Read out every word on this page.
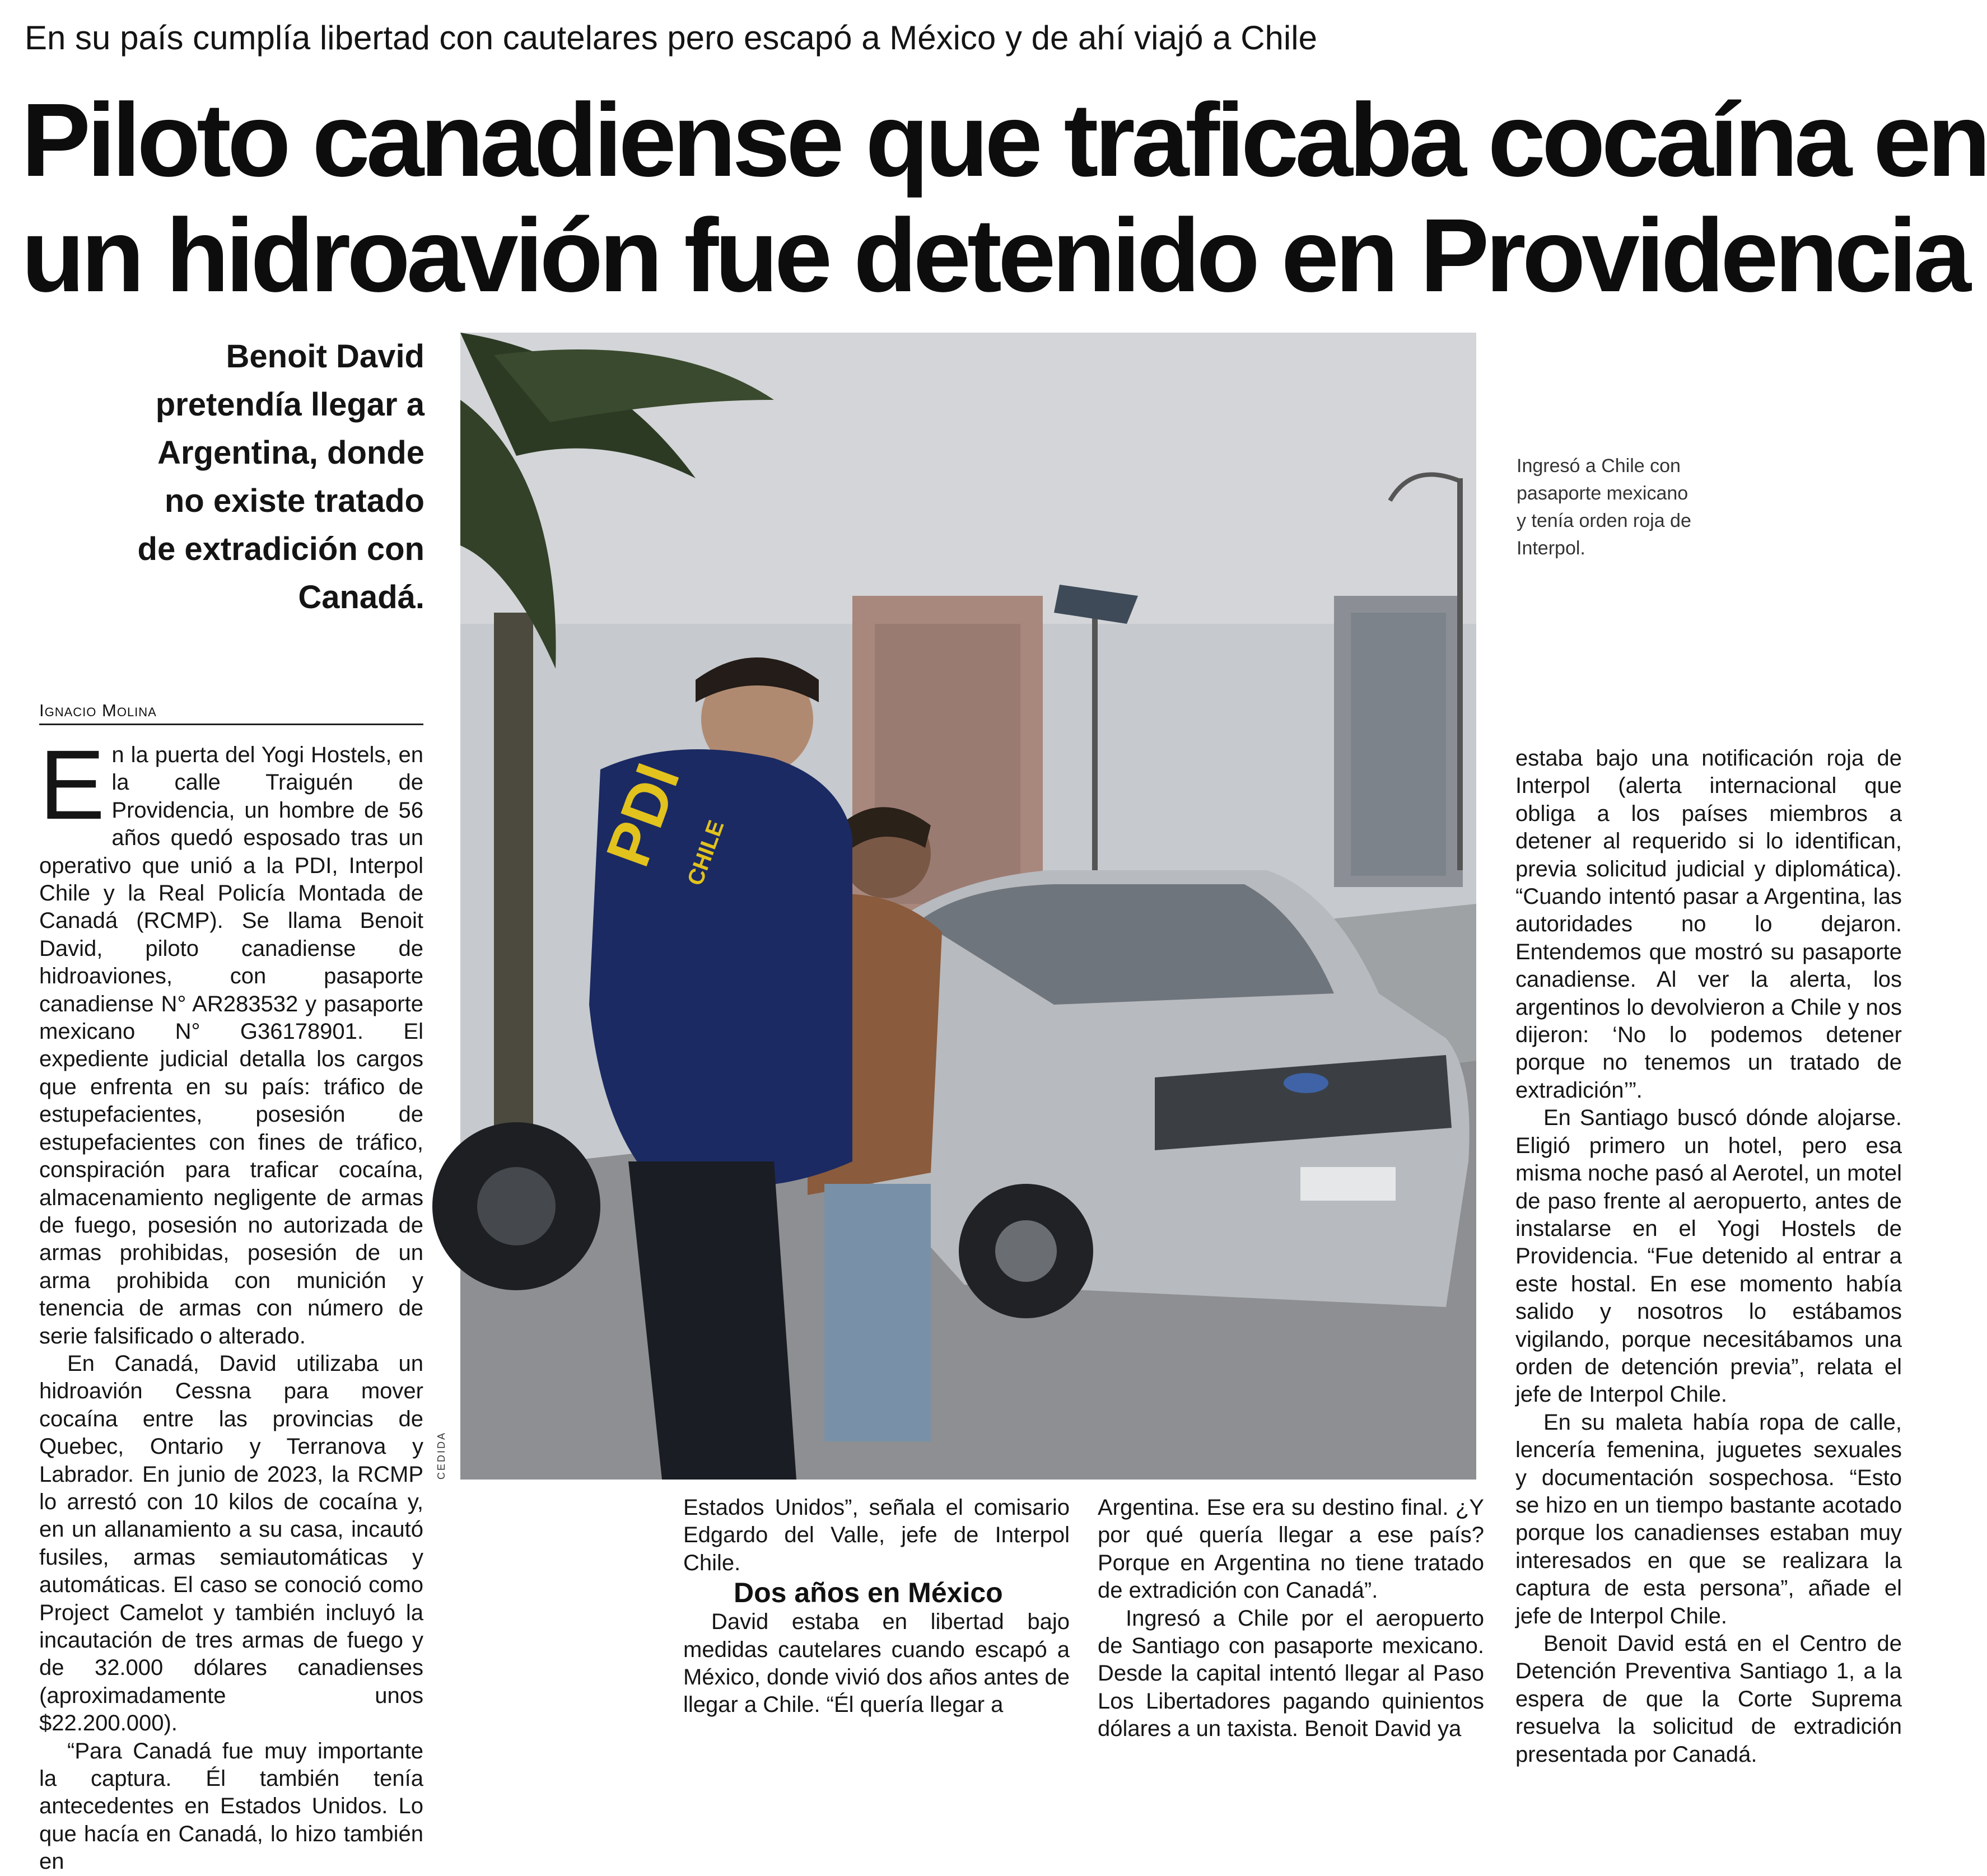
En su país cumplía libertad con cautelares pero escapó a México y de ahí viajó a Chile
Piloto canadiense que traficaba cocaína en
un hidroavión fue detenido en Providencia
Benoit David
pretendía llegar a
Argentina, donde
no existe tratado
de extradición con
Canadá.
Ignacio Molina

En la puerta del Yogi Hostels, en la calle Traiguén de Providencia, un hombre de 56 años quedó esposado tras un operativo que unió a la PDI, Interpol Chile y la Real Policía Montada de Canadá (RCMP). Se llama Benoit David, piloto canadiense de hidroaviones, con pasaporte canadiense N° AR283532 y pasaporte mexicano N° G36178901. El expediente judicial detalla los cargos que enfrenta en su país: tráfico de estupefacientes, posesión de estupefacientes con fines de tráfico, conspiración para traficar cocaína, almacenamiento negligente de armas de fuego, posesión no autorizada de armas prohibidas, posesión de un arma prohibida con munición y tenencia de armas con número de serie falsificado o alterado.

En Canadá, David utilizaba un hidroavión Cessna para mover cocaína entre las provincias de Quebec, Ontario y Terranova y Labrador. En junio de 2023, la RCMP lo arrestó con 10 kilos de cocaína y, en un allanamiento a su casa, incautó fusiles, armas semiautomáticas y automáticas. El caso se conoció como Project Camelot y también incluyó la incautación de tres armas de fuego y de 32.000 dólares canadienses (aproximadamente unos $22.200.000).

“Para Canadá fue muy importante la captura. Él también tenía antecedentes en Estados Unidos. Lo que hacía en Canadá, lo hizo también en

Estados Unidos”, señala el comisario Edgardo del Valle, jefe de Interpol Chile.

Dos años en México

David estaba en libertad bajo medidas cautelares cuando escapó a México, donde vivió dos años antes de llegar a Chile. “Él quería llegar a

Argentina. Ese era su destino final. ¿Y por qué quería llegar a ese país? Porque en Argentina no tiene tratado de extradición con Canadá”.

Ingresó a Chile por el aeropuerto de Santiago con pasaporte mexicano. Desde la capital intentó llegar al Paso Los Libertadores pagando quinientos dólares a un taxista. Benoit David ya

estaba bajo una notificación roja de Interpol (alerta internacional que obliga a los países miembros a detener al requerido si lo identifican, previa solicitud judicial y diplomática). “Cuando intentó pasar a Argentina, las autoridades no lo dejaron. Entendemos que mostró su pasaporte canadiense. Al ver la alerta, los argentinos lo devolvieron a Chile y nos dijeron: ‘No lo podemos detener porque no tenemos un tratado de extradición’”.

En Santiago buscó dónde alojarse. Eligió primero un hotel, pero esa misma noche pasó al Aerotel, un motel de paso frente al aeropuerto, antes de instalarse en el Yogi Hostels de Providencia. “Fue detenido al entrar a este hostal. En ese momento había salido y nosotros lo estábamos vigilando, porque necesitábamos una orden de detención previa”, relata el jefe de Interpol Chile.

En su maleta había ropa de calle, lencería femenina, juguetes sexuales y documentación sospechosa. “Esto se hizo en un tiempo bastante acotado porque los canadienses estaban muy interesados en que se realizara la captura de esta persona”, añade el jefe de Interpol Chile.

Benoit David está en el Centro de Detención Preventiva Santiago 1, a la espera de que la Corte Suprema resuelva la solicitud de extradición presentada por Canadá.

Ingresó a Chile con pasaporte mexicano y tenía orden roja de Interpol.
PDI
CHILE
CEDIDA
